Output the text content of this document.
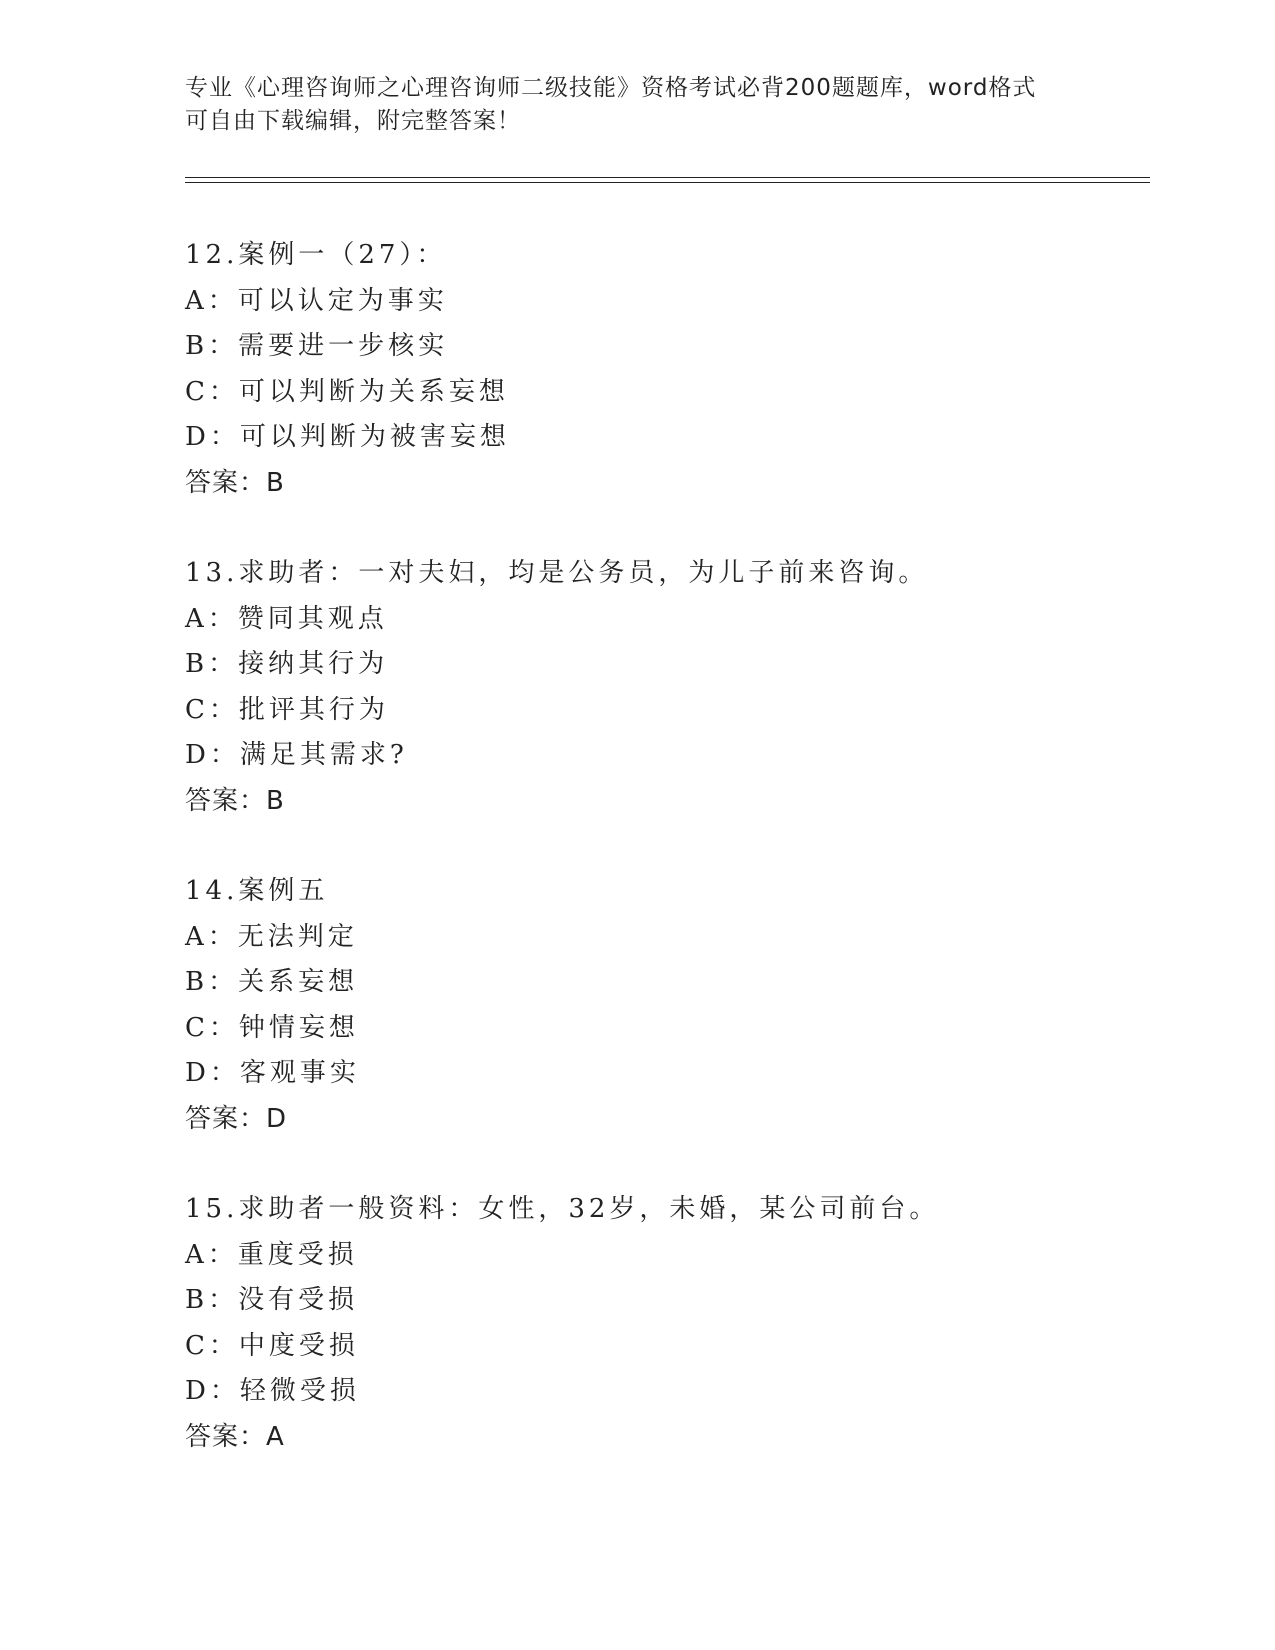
专业《心理咨询师之心理咨询师二级技能》资格考试必背200题题库，word格式
可自由下载编辑，附完整答案！
12.案例一（27）：
A：可以认定为事实
B：需要进一步核实
C：可以判断为关系妄想
D：可以判断为被害妄想
答案：B
13.求助者：一对夫妇，均是公务员，为儿子前来咨询。
A：赞同其观点
B：接纳其行为
C：批评其行为
D：满足其需求?
答案：B
14.案例五
A：无法判定
B：关系妄想
C：钟情妄想
D：客观事实
答案：D
15.求助者一般资料：女性，32岁，未婚，某公司前台。
A：重度受损
B：没有受损
C：中度受损
D：轻微受损
答案：A
